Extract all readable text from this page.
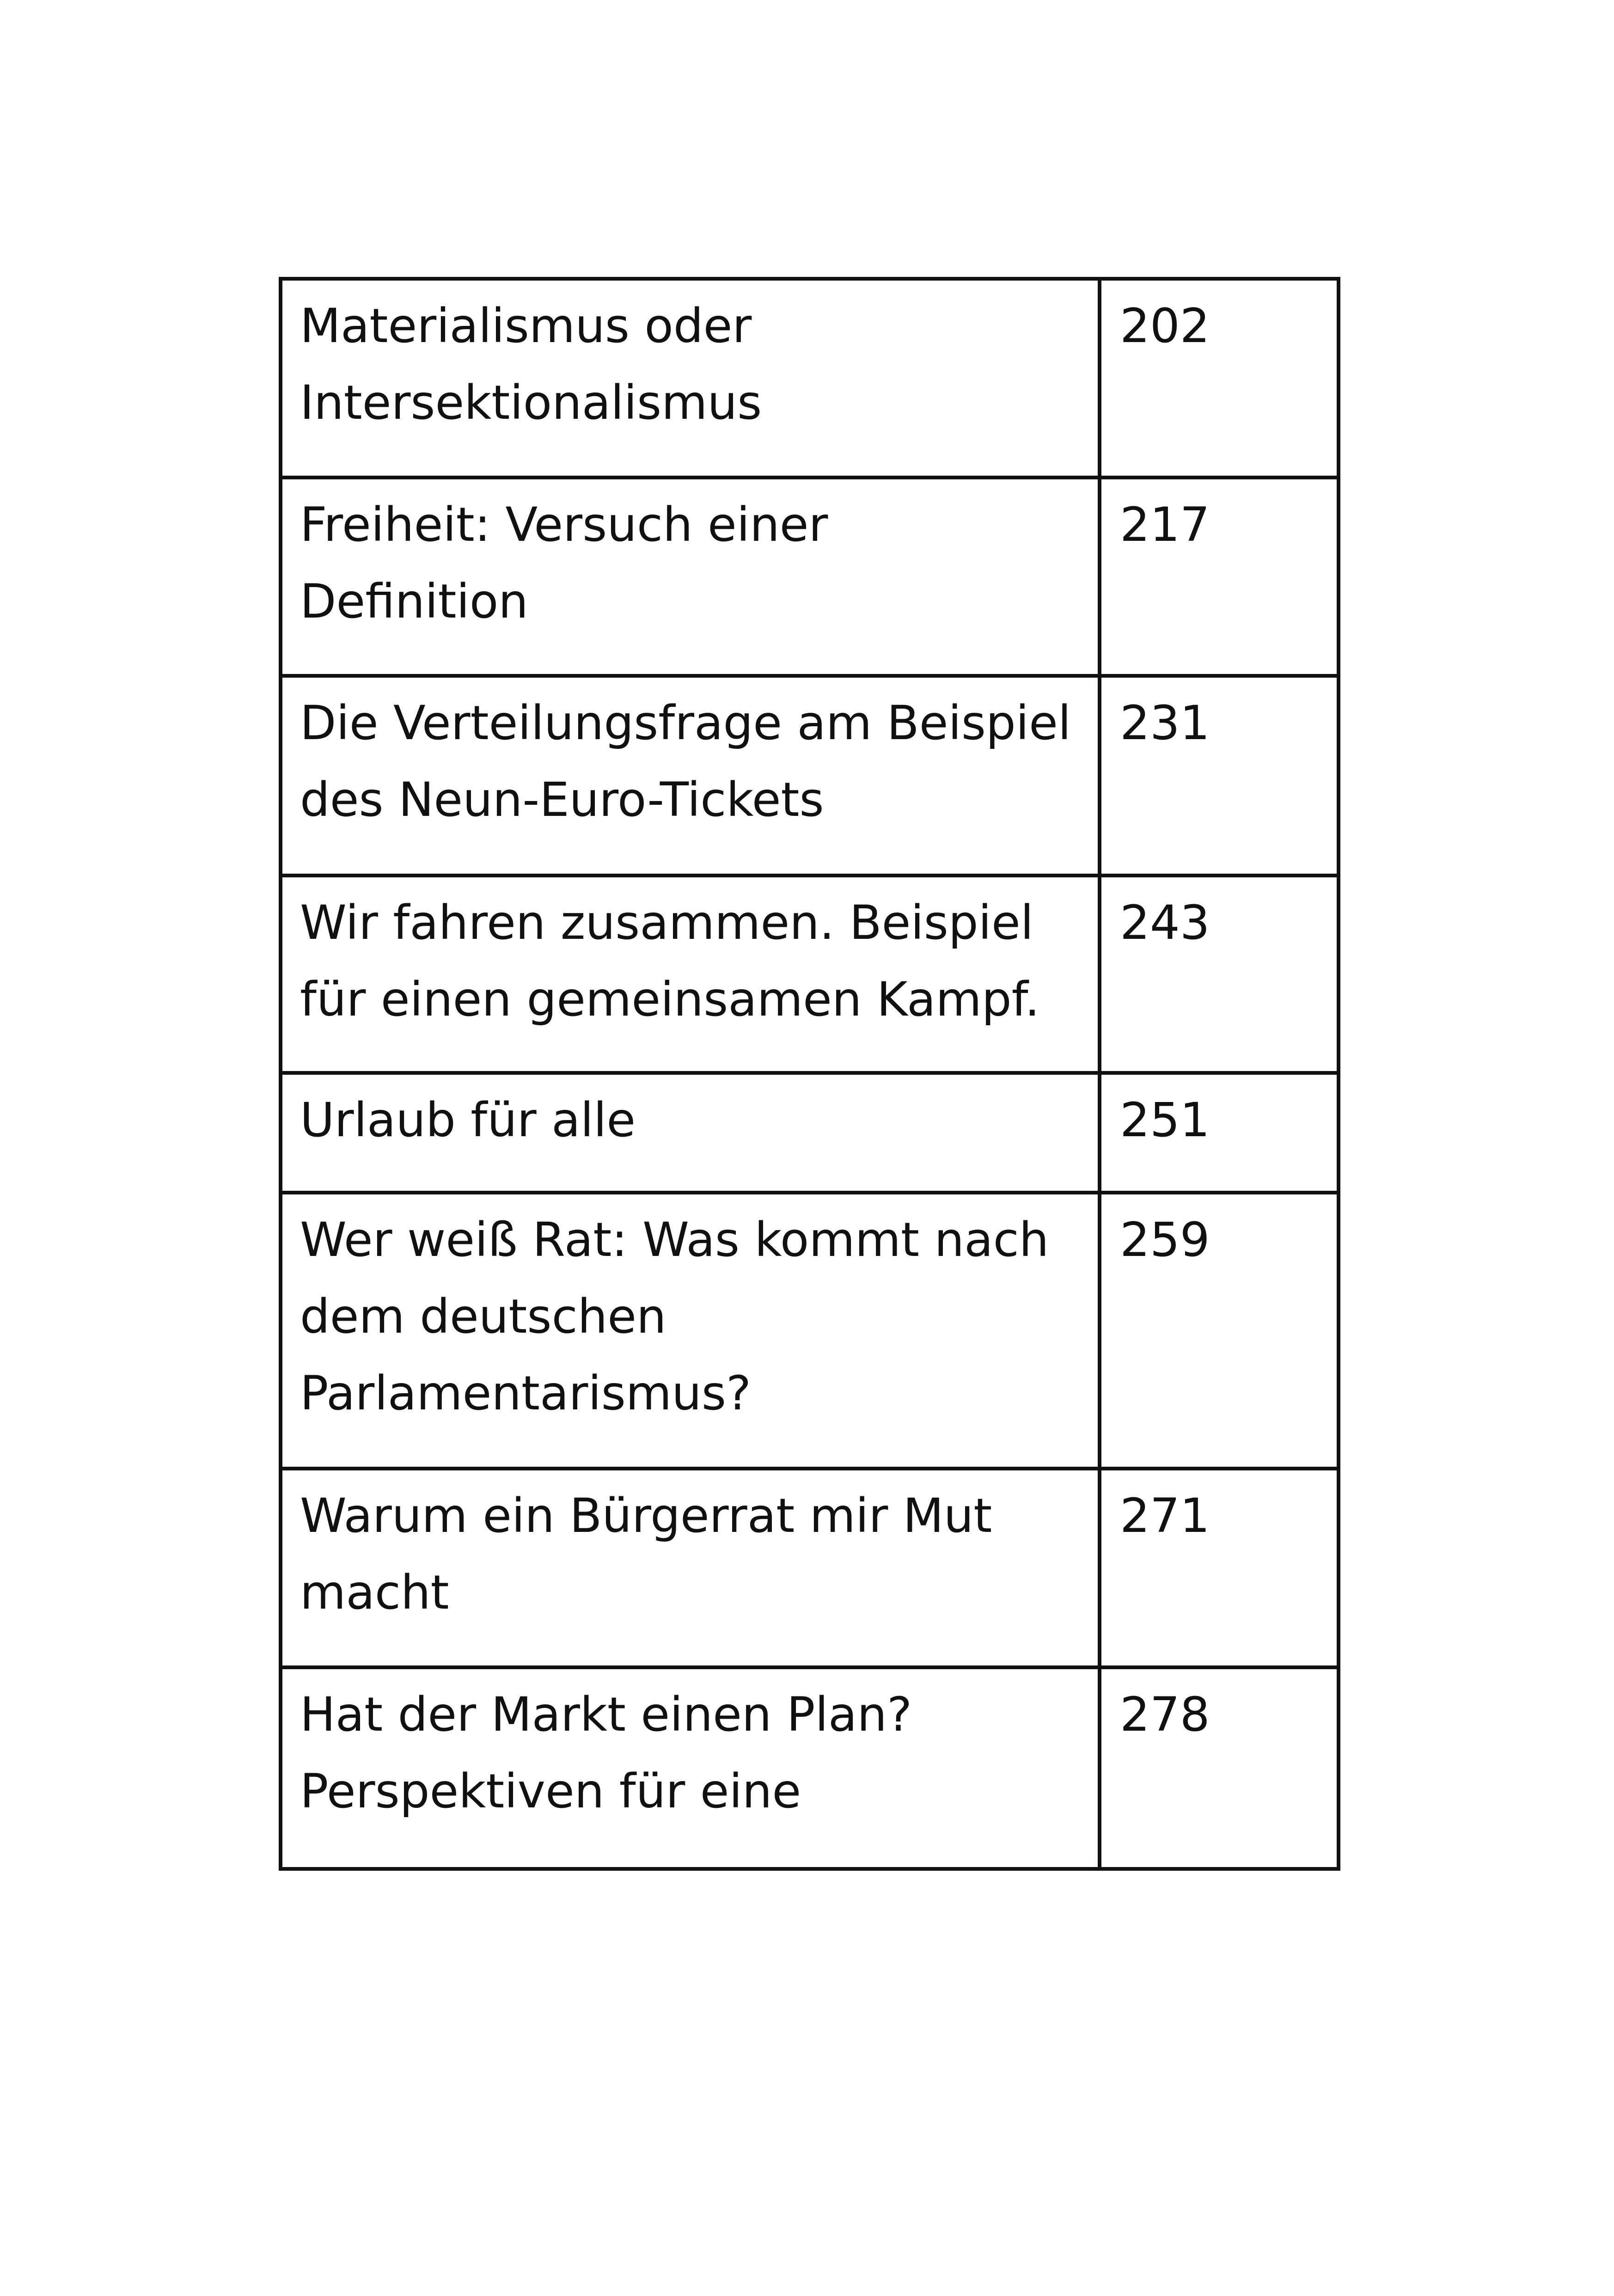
Materialismus oder
Intersektionalismus	202

Freiheit: Versuch einer
Definition	217

Die Verteilungsfrage am Beispiel
des Neun-Euro-Tickets	231

Wir fahren zusammen. Beispiel
für einen gemeinsamen Kampf.	243

Urlaub für alle	251

Wer weiß Rat: Was kommt nach
dem deutschen
Parlamentarismus?	259

Warum ein Bürgerrat mir Mut
macht	271

Hat der Markt einen Plan?
Perspektiven für eine	278
